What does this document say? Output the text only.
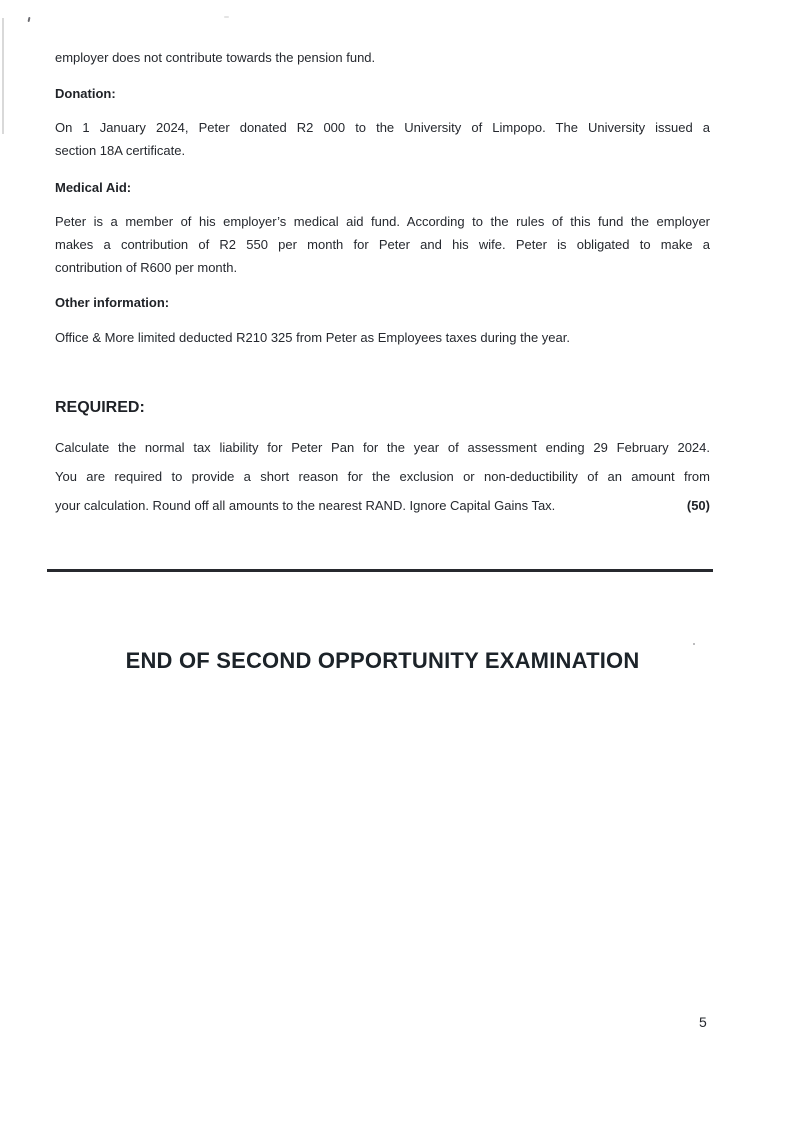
employer does not contribute towards the pension fund.

Donation:

On 1 January 2024, Peter donated R2 000 to the University of Limpopo. The University issued a
section 18A certificate.

Medical Aid:

Peter is a member of his employer’s medical aid fund. According to the rules of this fund the employer
makes a contribution of R2 550 per month for Peter and his wife. Peter is obligated to make a
contribution of R600 per month.

Other information:

Office & More limited deducted R210 325 from Peter as Employees taxes during the year.

REQUIRED:

Calculate the normal tax liability for Peter Pan for the year of assessment ending 29 February 2024.
You are required to provide a short reason for the exclusion or non-deductibility of an amount from
your calculation. Round off all amounts to the nearest RAND. Ignore Capital Gains Tax.	(50)

END OF SECOND OPPORTUNITY EXAMINATION
5
